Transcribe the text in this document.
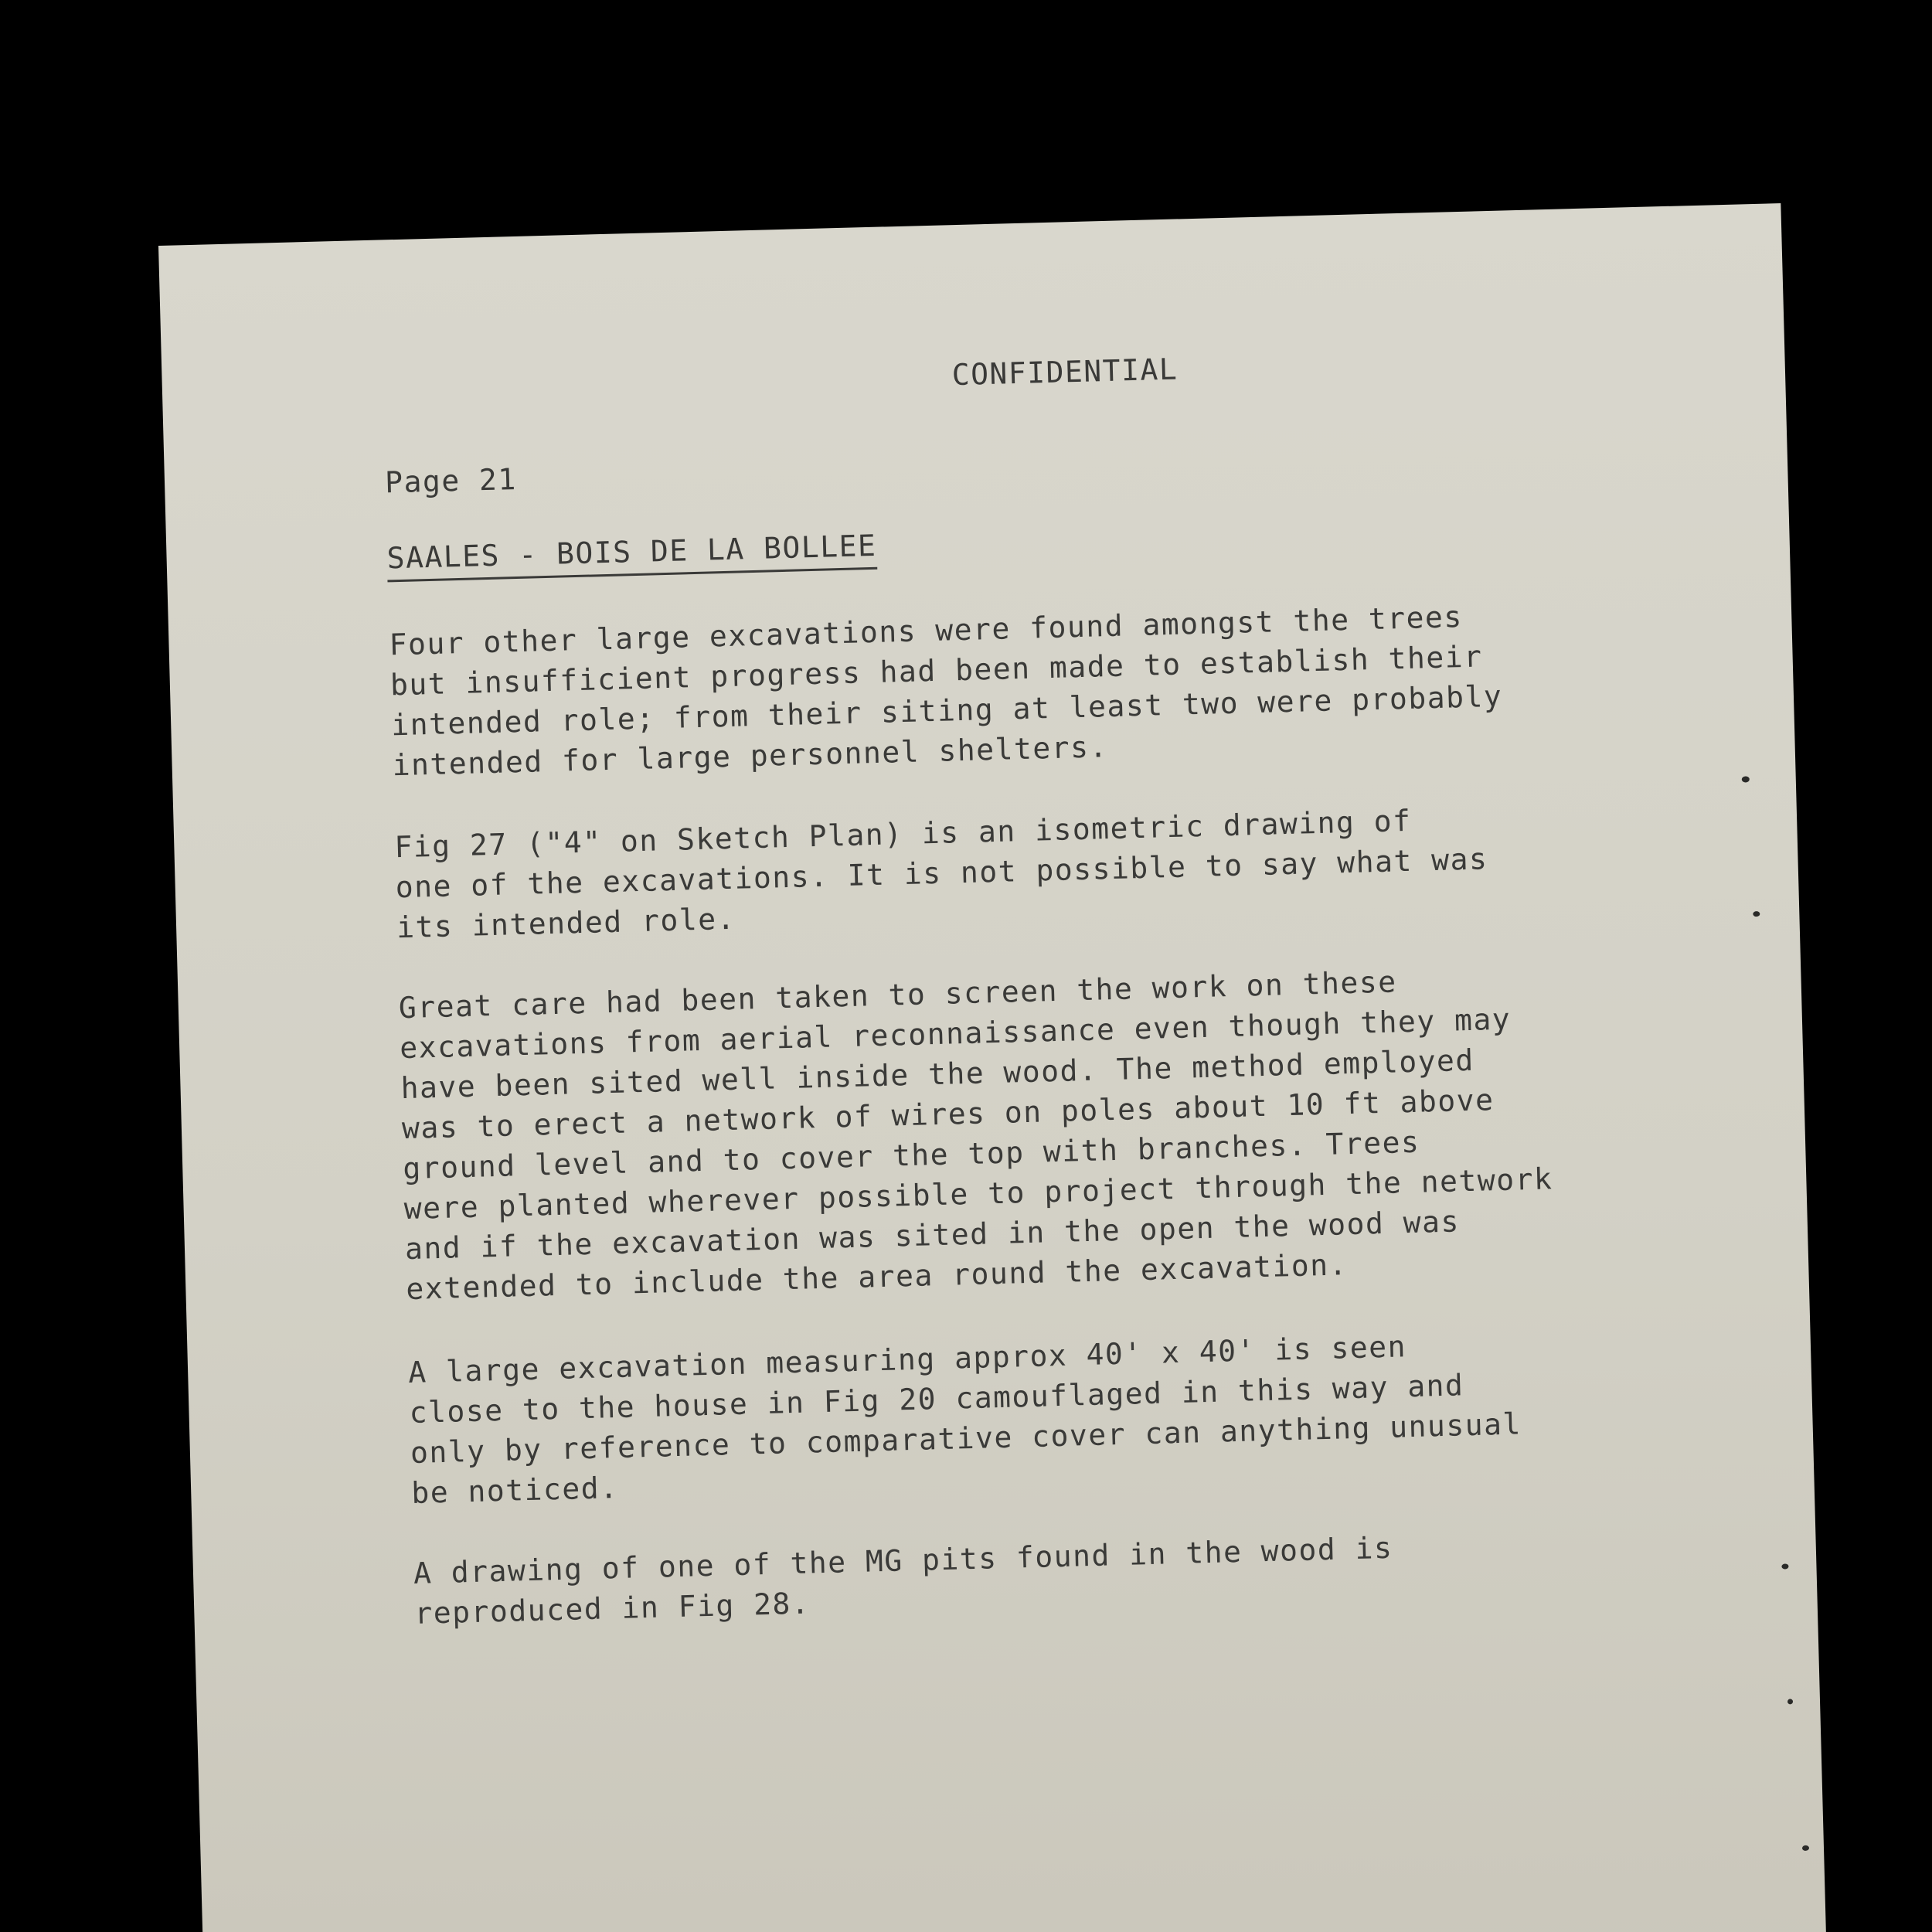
CONFIDENTIAL
Page 21
SAALES - BOIS DE LA BOLLEE
Four other large excavations were found amongst the trees
but insufficient progress had been made to establish their
intended role; from their siting at least two were probably
intended for large personnel shelters.
Fig 27 ("4" on Sketch Plan) is an isometric drawing of
one of the excavations. It is not possible to say what was
its intended role.
Great care had been taken to screen the work on these
excavations from aerial reconnaissance even though they may
have been sited well inside the wood. The method employed
was to erect a network of wires on poles about 10 ft above
ground level and to cover the top with branches. Trees
were planted wherever possible to project through the network
and if the excavation was sited in the open the wood was
extended to include the area round the excavation.
A large excavation measuring approx 40' x 40' is seen
close to the house in Fig 20 camouflaged in this way and
only by reference to comparative cover can anything unusual
be noticed.
A drawing of one of the MG pits found in the wood is
reproduced in Fig 28.
